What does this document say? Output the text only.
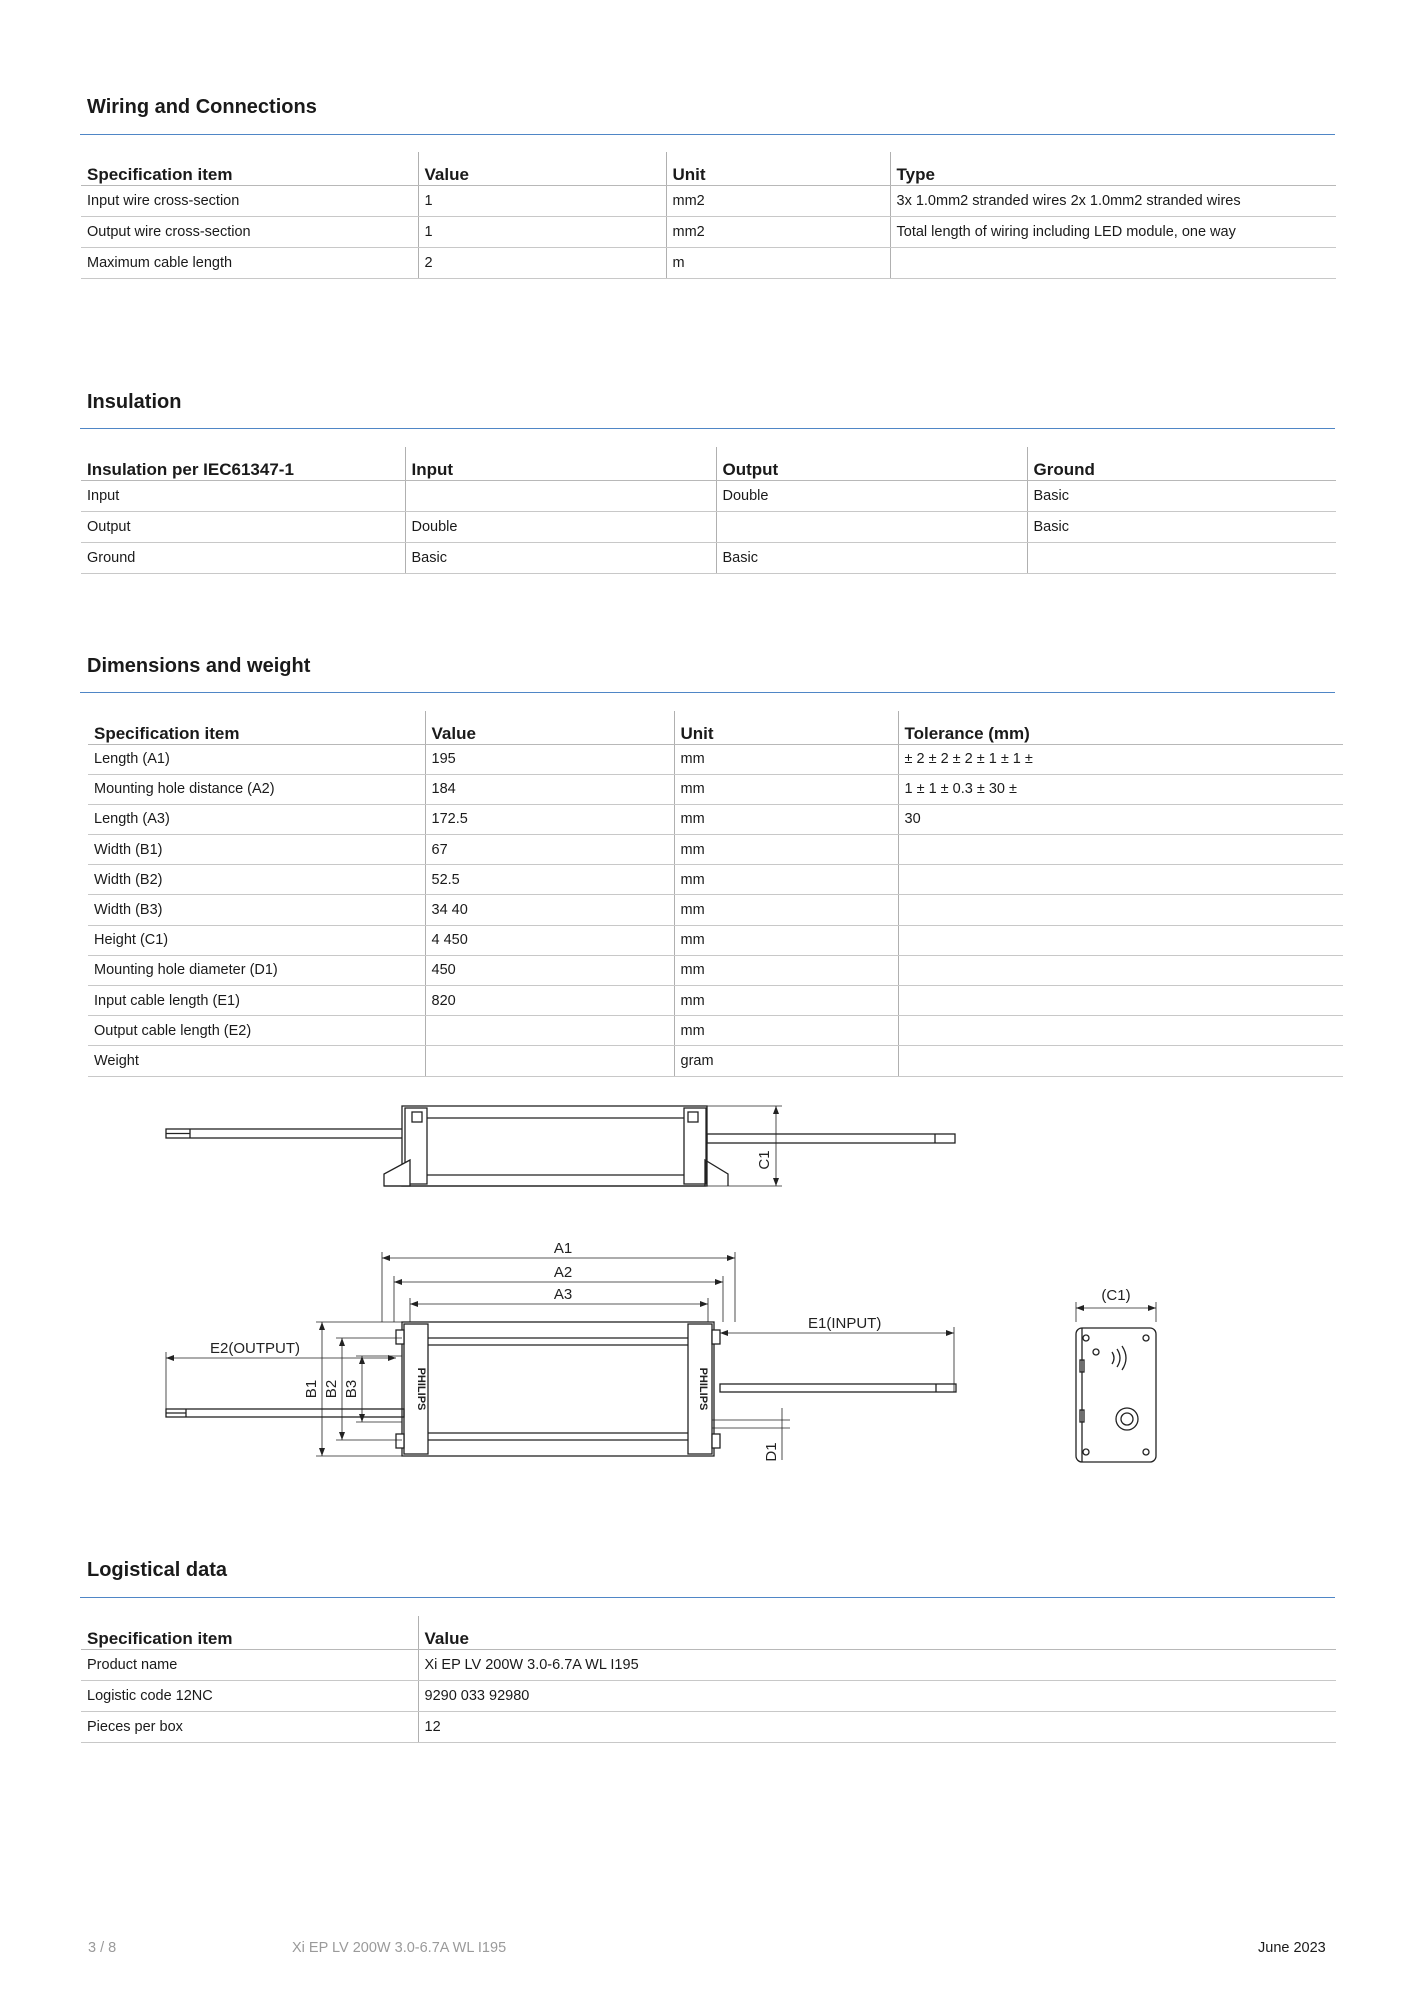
Wiring and Connections
Specification item	Value	Unit	Type
Input wire cross-section	1	mm2	3x 1.0mm2 stranded wires 2x 1.0mm2 stranded wires
Output wire cross-section	1	mm2	Total length of wiring including LED module, one way
Maximum cable length	2	m	
Insulation
Insulation per IEC61347-1	Input	Output	Ground
Input		Double	Basic
Output	Double		Basic
Ground	Basic	Basic	
Dimensions and weight
Specification item	Value	Unit	Tolerance (mm)
Length (A1)	195	mm	± 2 ± 2 ± 2 ± 1 ± 1 ±
Mounting hole distance (A2)	184	mm	1 ± 1 ± 0.3 ± 30 ±
Length (A3)	172.5	mm	30
Width (B1)	67	mm	
Width (B2)	52.5	mm	
Width (B3)	34 40	mm	
Height (C1)	4 450	mm	
Mounting hole diameter (D1)	450	mm	
Input cable length (E1)	820	mm	
Output cable length (E2)		mm	
Weight		gram	
C1
A1
A2
A3
E1(INPUT)
E2(OUTPUT)
B1 B2 B3
D1
(C1)
PHILIPS	PHILIPS
Logistical data
Specification item	Value
Product name	Xi EP LV 200W 3.0-6.7A WL I195
Logistic code 12NC	9290 033 92980
Pieces per box	12
3 / 8	Xi EP LV 200W 3.0-6.7A WL I195	June 2023
